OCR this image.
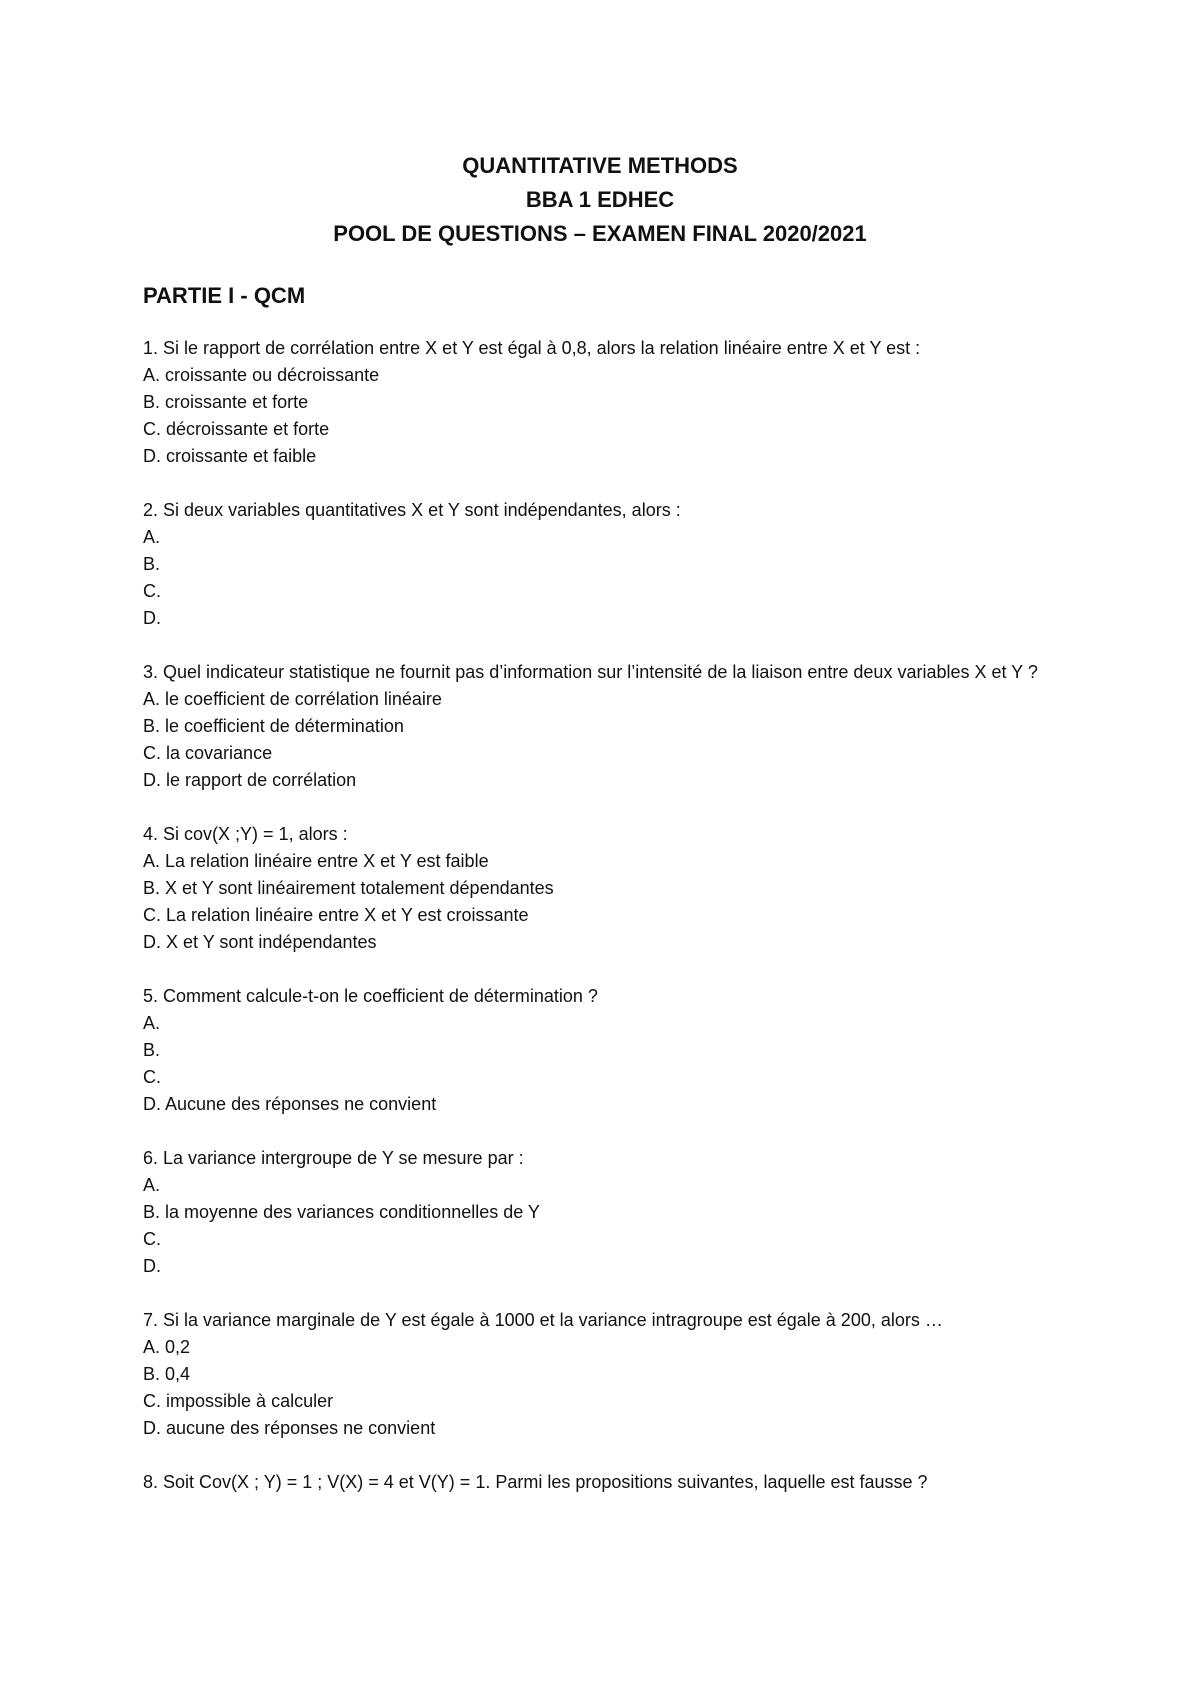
QUANTITATIVE METHODS
BBA 1 EDHEC
POOL DE QUESTIONS – EXAMEN FINAL 2020/2021
PARTIE I - QCM

1. Si le rapport de corrélation entre X et Y est égal à 0,8, alors la relation linéaire entre X et Y est :

A. croissante ou décroissante
B. croissante et forte
C. décroissante et forte
D. croissante et faible

2. Si deux variables quantitatives X et Y sont indépendantes, alors :

A.
B.
C.
D.

3. Quel indicateur statistique ne fournit pas d’information sur l’intensité de la liaison entre deux variables X et Y ?

A. le coefficient de corrélation linéaire
B. le coefficient de détermination
C. la covariance
D. le rapport de corrélation

4. Si cov(X ;Y) = 1, alors :

A. La relation linéaire entre X et Y est faible
B. X et Y sont linéairement totalement dépendantes
C. La relation linéaire entre X et Y est croissante
D. X et Y sont indépendantes

5. Comment calcule-t-on le coefficient de détermination ?

A.
B.
C.
D. Aucune des réponses ne convient

6. La variance intergroupe de Y se mesure par :

A.
B. la moyenne des variances conditionnelles de Y
C.
D.

7. Si la variance marginale de Y est égale à 1000 et la variance intragroupe est égale à 200, alors …

A. 0,2
B. 0,4
C. impossible à calculer
D. aucune des réponses ne convient

8. Soit Cov(X ; Y) = 1 ; V(X) = 4 et V(Y) = 1. Parmi les propositions suivantes, laquelle est fausse ?
